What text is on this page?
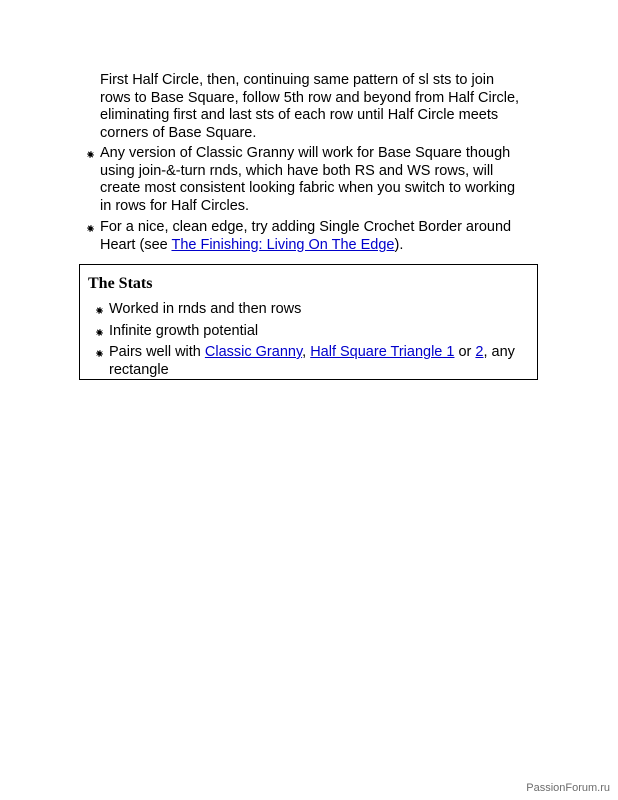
First Half Circle, then, continuing same pattern of sl sts to join
rows to Base Square, follow 5th row and beyond from Half Circle,
eliminating first and last sts of each row until Half Circle meets
corners of Base Square.

Any version of Classic Granny will work for Base Square though
using join-&-turn rnds, which have both RS and WS rows, will
create most consistent looking fabric when you switch to working
in rows for Half Circles.
For a nice, clean edge, try adding Single Crochet Border around
Heart (see The Finishing: Living On The Edge).
The Stats
Worked in rnds and then rows
Infinite growth potential
Pairs well with Classic Granny, Half Square Triangle 1 or 2, any
rectangle
PassionForum.ru
